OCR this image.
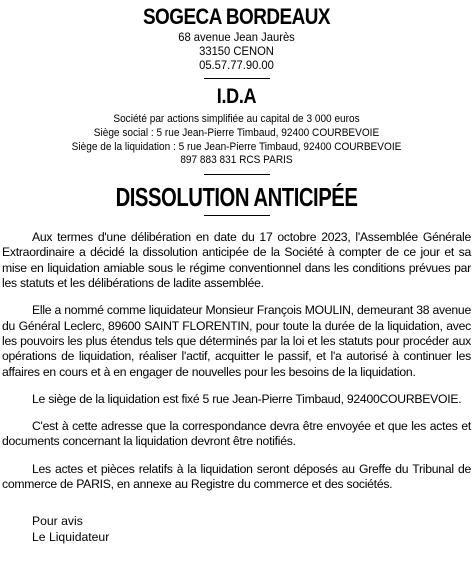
SOGECA BORDEAUX
68 avenue Jean Jaurès
33150 CENON
05.57.77.90.00
I.D.A
Société par actions simplifiée au capital de 3 000 euros
Siège social : 5 rue Jean-Pierre Timbaud, 92400 COURBEVOIE
Siège de la liquidation : 5 rue Jean-Pierre Timbaud, 92400 COURBEVOIE
897 883 831 RCS PARIS
DISSOLUTION ANTICIPÉE

Aux termes d'une délibération en date du 17 octobre 2023, l'Assemblée Générale Extraordinaire a décidé la dissolution anticipée de la Société à compter de ce jour et sa mise en liquidation amiable sous le régime conventionnel dans les conditions prévues par les statuts et les délibérations de ladite assemblée.

Elle a nommé comme liquidateur Monsieur François MOULIN, demeurant 38 avenue du Général Leclerc, 89600 SAINT FLORENTIN, pour toute la durée de la liquidation, avec les pouvoirs les plus étendus tels que déterminés par la loi et les statuts pour procéder aux opérations de liquidation, réaliser l'actif, acquitter le passif, et l'a autorisé à continuer les affaires en cours et à en engager de nouvelles pour les besoins de la liquidation.

Le siège de la liquidation est fixé 5 rue Jean-Pierre Timbaud, 92400COURBEVOIE.

C'est à cette adresse que la correspondance devra être envoyée et que les actes et documents concernant la liquidation devront être notifiés.

Les actes et pièces relatifs à la liquidation seront déposés au Greffe du Tribunal de commerce de PARIS, en annexe au Registre du commerce et des sociétés.

Pour avis
Le Liquidateur
